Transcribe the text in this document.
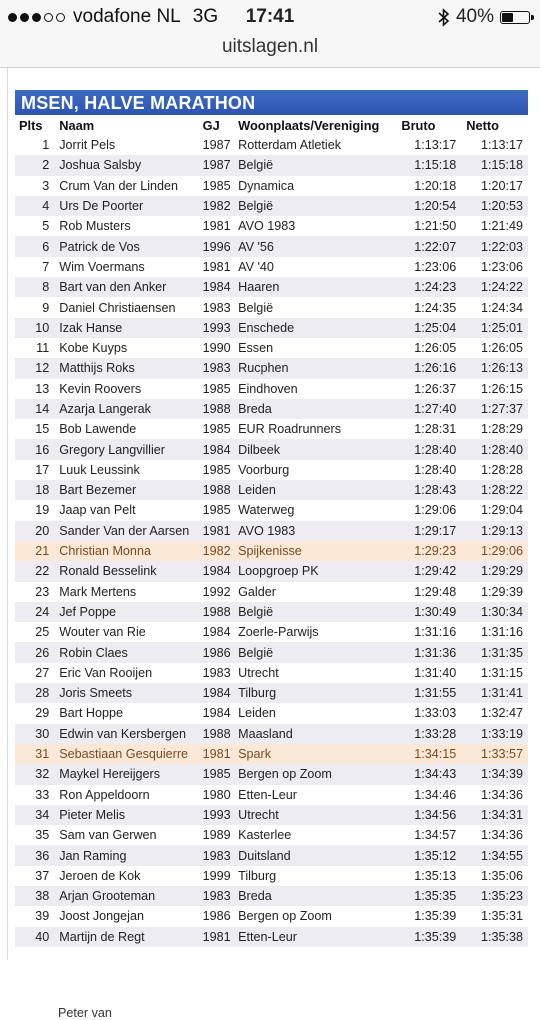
vodafone NL 3G	17:41	40%
uitslagen.nl
MSEN, HALVE MARATHON
Plts	Naam	GJ	Woonplaats/Vereniging	Bruto	Netto
1	Jorrit Pels	1987	Rotterdam Atletiek	1:13:17	1:13:17
2	Joshua Salsby	1987	België	1:15:18	1:15:18
3	Crum Van der Linden	1985	Dynamica	1:20:18	1:20:17
4	Urs De Poorter	1982	België	1:20:54	1:20:53
5	Rob Musters	1981	AVO 1983	1:21:50	1:21:49
6	Patrick de Vos	1996	AV '56	1:22:07	1:22:03
7	Wim Voermans	1981	AV '40	1:23:06	1:23:06
8	Bart van den Anker	1984	Haaren	1:24:23	1:24:22
9	Daniel Christiaensen	1983	België	1:24:35	1:24:34
10	Izak Hanse	1993	Enschede	1:25:04	1:25:01
11	Kobe Kuyps	1990	Essen	1:26:05	1:26:05
12	Matthijs Roks	1983	Rucphen	1:26:16	1:26:13
13	Kevin Roovers	1985	Eindhoven	1:26:37	1:26:15
14	Azarja Langerak	1988	Breda	1:27:40	1:27:37
15	Bob Lawende	1985	EUR Roadrunners	1:28:31	1:28:29
16	Gregory Langvillier	1984	Dilbeek	1:28:40	1:28:40
17	Luuk Leussink	1985	Voorburg	1:28:40	1:28:28
18	Bart Bezemer	1988	Leiden	1:28:43	1:28:22
19	Jaap van Pelt	1985	Waterweg	1:29:06	1:29:04
20	Sander Van der Aarsen	1981	AVO 1983	1:29:17	1:29:13
21	Christian Monna	1982	Spijkenisse	1:29:23	1:29:06
22	Ronald Besselink	1984	Loopgroep PK	1:29:42	1:29:29
23	Mark Mertens	1992	Galder	1:29:48	1:29:39
24	Jef Poppe	1988	België	1:30:49	1:30:34
25	Wouter van Rie	1984	Zoerle-Parwijs	1:31:16	1:31:16
26	Robin Claes	1986	België	1:31:36	1:31:35
27	Eric Van Rooijen	1983	Utrecht	1:31:40	1:31:15
28	Joris Smeets	1984	Tilburg	1:31:55	1:31:41
29	Bart Hoppe	1984	Leiden	1:33:03	1:32:47
30	Edwin van Kersbergen	1988	Maasland	1:33:28	1:33:19
31	Sebastiaan Gesquierre	1981	Spark	1:34:15	1:33:57
32	Maykel Hereijgers	1985	Bergen op Zoom	1:34:43	1:34:39
33	Ron Appeldoorn	1980	Etten-Leur	1:34:46	1:34:36
34	Pieter Melis	1993	Utrecht	1:34:56	1:34:31
35	Sam van Gerwen	1989	Kasterlee	1:34:57	1:34:36
36	Jan Raming	1983	Duitsland	1:35:12	1:34:55
37	Jeroen de Kok	1999	Tilburg	1:35:13	1:35:06
38	Arjan Grooteman	1983	Breda	1:35:35	1:35:23
39	Joost Jongejan	1986	Bergen op Zoom	1:35:39	1:35:31
40	Martijn de Regt	1981	Etten-Leur	1:35:39	1:35:38
Peter van
